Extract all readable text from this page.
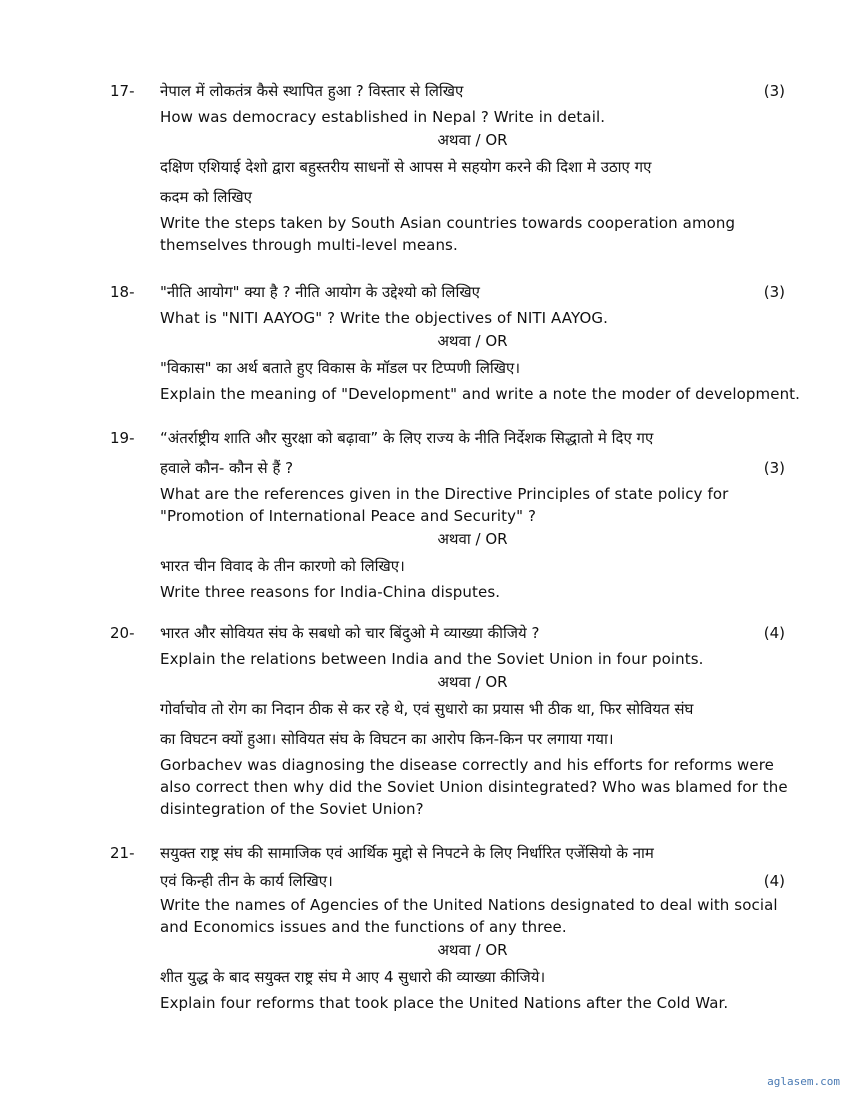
17-	नेपाल में लोकतंत्र कैसे स्थापित हुआ ? विस्तार से लिखिए	(3)
How was democracy established in Nepal ? Write in detail.
अथवा / OR
दक्षिण एशियाई देशो द्वारा बहुस्तरीय साधनों से आपस मे सहयोग करने की दिशा मे उठाए गए
कदम को लिखिए
Write the steps taken by South Asian countries towards cooperation among
themselves through multi-level means.
18-	"नीति आयोग" क्या है ? नीति आयोग के उद्देश्यो को लिखिए	(3)
What is "NITI AAYOG" ? Write the objectives of NITI AAYOG.
अथवा / OR
"विकास" का अर्थ बताते हुए विकास के मॉडल पर टिप्पणी लिखिए।
Explain the meaning of "Development" and write a note the moder of development.
19-	“अंतर्राष्ट्रीय शाति और सुरक्षा को बढ़ावा” के लिए राज्य के नीति निर्देशक सिद्धातो मे दिए गए
हवाले कौन- कौन से हैं ?	(3)
What are the references given in the Directive Principles of state policy for
"Promotion of International Peace and Security" ?
अथवा / OR
भारत चीन विवाद के तीन कारणो को लिखिए।
Write three reasons for India-China disputes.
20-	भारत और सोवियत संघ के सबधो को चार बिंदुओ मे व्याख्या कीजिये ?	(4)
Explain the relations between India and the Soviet Union in four points.
अथवा / OR
गोर्वाचोव तो रोग का निदान ठीक से कर रहे थे, एवं सुधारो का प्रयास भी ठीक था, फिर सोवियत संघ
का विघटन क्यों हुआ। सोवियत संघ के विघटन का आरोप किन-किन पर लगाया गया।
Gorbachev was diagnosing the disease correctly and his efforts for reforms were
also correct then why did the Soviet Union disintegrated? Who was blamed for the
disintegration of the Soviet Union?
21-	सयुक्त राष्ट्र संघ की सामाजिक एवं आर्थिक मुद्दो से निपटने के लिए निर्धारित एजेंसियो के नाम
एवं किन्ही तीन के कार्य लिखिए।	(4)
Write the names of Agencies of the United Nations designated to deal with social
and Economics issues and the functions of any three.
अथवा / OR
शीत युद्ध के बाद सयुक्त राष्ट्र संघ मे आए 4 सुधारो की व्याख्या कीजिये।
Explain four reforms that took place the United Nations after the Cold War.
aglasem.com
